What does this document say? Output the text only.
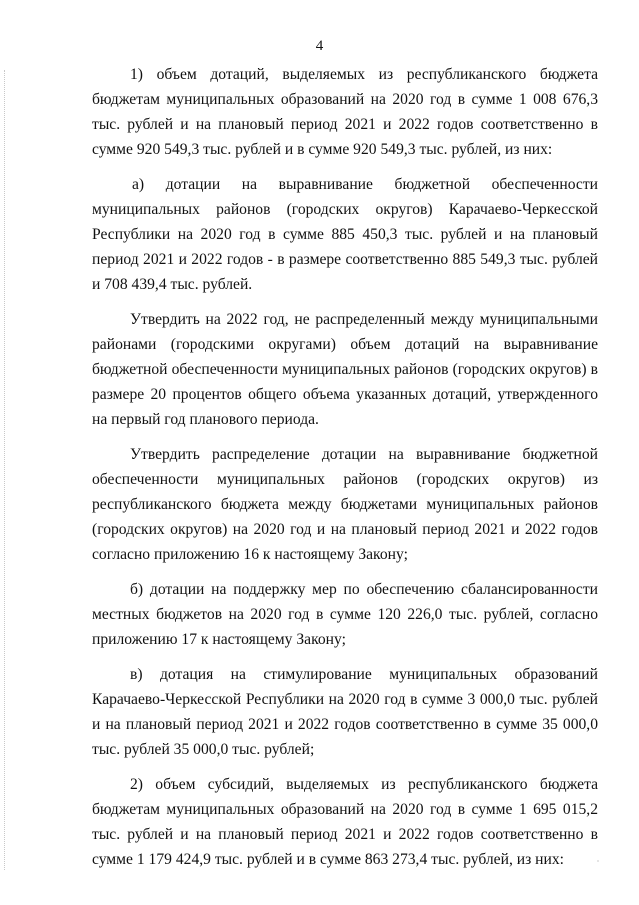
4

1) объем дотаций, выделяемых из республиканского бюджета бюджетам муниципальных образований на 2020 год в сумме 1 008 676,3 тыс. рублей и на плановый период 2021 и 2022 годов соответственно в сумме 920 549,3 тыс. рублей и в сумме 920 549,3 тыс. рублей, из них:

а) дотации на выравнивание бюджетной обеспеченности муниципальных районов (городских округов) Карачаево-Черкесской Республики на 2020 год в сумме 885 450,3 тыс. рублей и на плановый период 2021 и 2022 годов - в размере соответственно 885 549,3 тыс. рублей и 708 439,4 тыс. рублей.

Утвердить на 2022 год, не распределенный между муниципальными районами (городскими округами) объем дотаций на выравнивание бюджетной обеспеченности муниципальных районов (городских округов) в размере 20 процентов общего объема указанных дотаций, утвержденного на первый год планового периода.

Утвердить распределение дотации на выравнивание бюджетной обеспеченности муниципальных районов (городских округов) из республиканского бюджета между бюджетами муниципальных районов (городских округов) на 2020 год и на плановый период 2021 и 2022 годов согласно приложению 16 к настоящему Закону;

б) дотации на поддержку мер по обеспечению сбалансированности местных бюджетов на 2020 год в сумме 120 226,0 тыс. рублей, согласно приложению 17 к настоящему Закону;

в) дотация на стимулирование муниципальных образований Карачаево-Черкесской Республики на 2020 год в сумме 3 000,0 тыс. рублей и на плановый период 2021 и 2022 годов соответственно в сумме 35 000,0 тыс. рублей 35 000,0 тыс. рублей;

2) объем субсидий, выделяемых из республиканского бюджета бюджетам муниципальных образований на 2020 год в сумме 1 695 015,2 тыс. рублей и на плановый период 2021 и 2022 годов соответственно в сумме 1 179 424,9 тыс. рублей и в сумме 863 273,4 тыс. рублей, из них:
